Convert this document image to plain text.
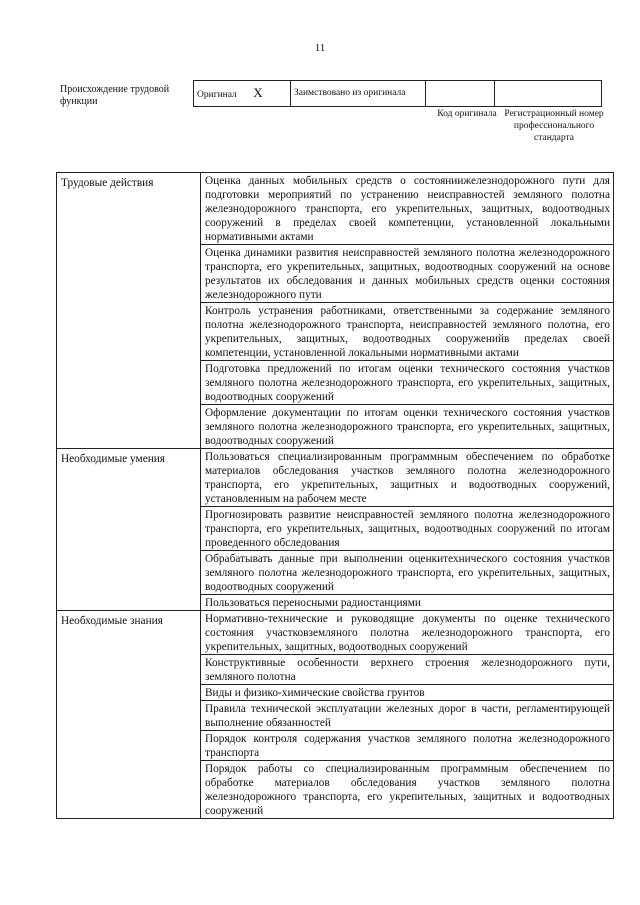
11
Происхождение трудовой функции
Оригинал X	Заимствовано из оригинала		
Код оригинала Регистрационный номер профессионального стандарта
Трудовые действия	Оценка данных мобильных средств о состояниижелезнодорожного пути для подготовки мероприятий по устранению неисправностей земляного полотна железнодорожного транспорта, его укрепительных, защитных, водоотводных сооружений в пределах своей компетенции, установленной локальными нормативными актами
	Оценка динамики развития неисправностей земляного полотна железнодорожного транспорта, его укрепительных, защитных, водоотводных сооружений на основе результатов их обследования и данных мобильных средств оценки состояния железнодорожного пути
	Контроль устранения работниками, ответственными за содержание земляного полотна железнодорожного транспорта, неисправностей земляного полотна, его укрепительных, защитных, водоотводных сооруженийв пределах своей компетенции, установленной локальными нормативными актами
	Подготовка предложений по итогам оценки технического состояния участков земляного полотна железнодорожного транспорта, его укрепительных, защитных, водоотводных сооружений
	Оформление документации по итогам оценки технического состояния участков земляного полотна железнодорожного транспорта, его укрепительных, защитных, водоотводных сооружений
Необходимые умения	Пользоваться специализированным программным обеспечением по обработке материалов обследования участков земляного полотна железнодорожного транспорта, его укрепительных, защитных и водоотводных сооружений, установленным на рабочем месте
	Прогнозировать развитие неисправностей земляного полотна железнодорожного транспорта, его укрепительных, защитных, водоотводных сооружений по итогам проведенного обследования
	Обрабатывать данные при выполнении оценкитехнического состояния участков земляного полотна железнодорожного транспорта, его укрепительных, защитных, водоотводных сооружений
	Пользоваться переносными радиостанциями
Необходимые знания	Нормативно-технические и руководящие документы по оценке технического состояния участковземляного полотна железнодорожного транспорта, его укрепительных, защитных, водоотводных сооружений
	Конструктивные особенности верхнего строения железнодорожного пути, земляного полотна
	Виды и физико-химические свойства грунтов
	Правила технической эксплуатации железных дорог в части, регламентирующей выполнение обязанностей
	Порядок контроля содержания участков земляного полотна железнодорожного транспорта
	Порядок работы со специализированным программным обеспечением по обработке материалов обследования участков земляного полотна железнодорожного транспорта, его укрепительных, защитных и водоотводных сооружений
